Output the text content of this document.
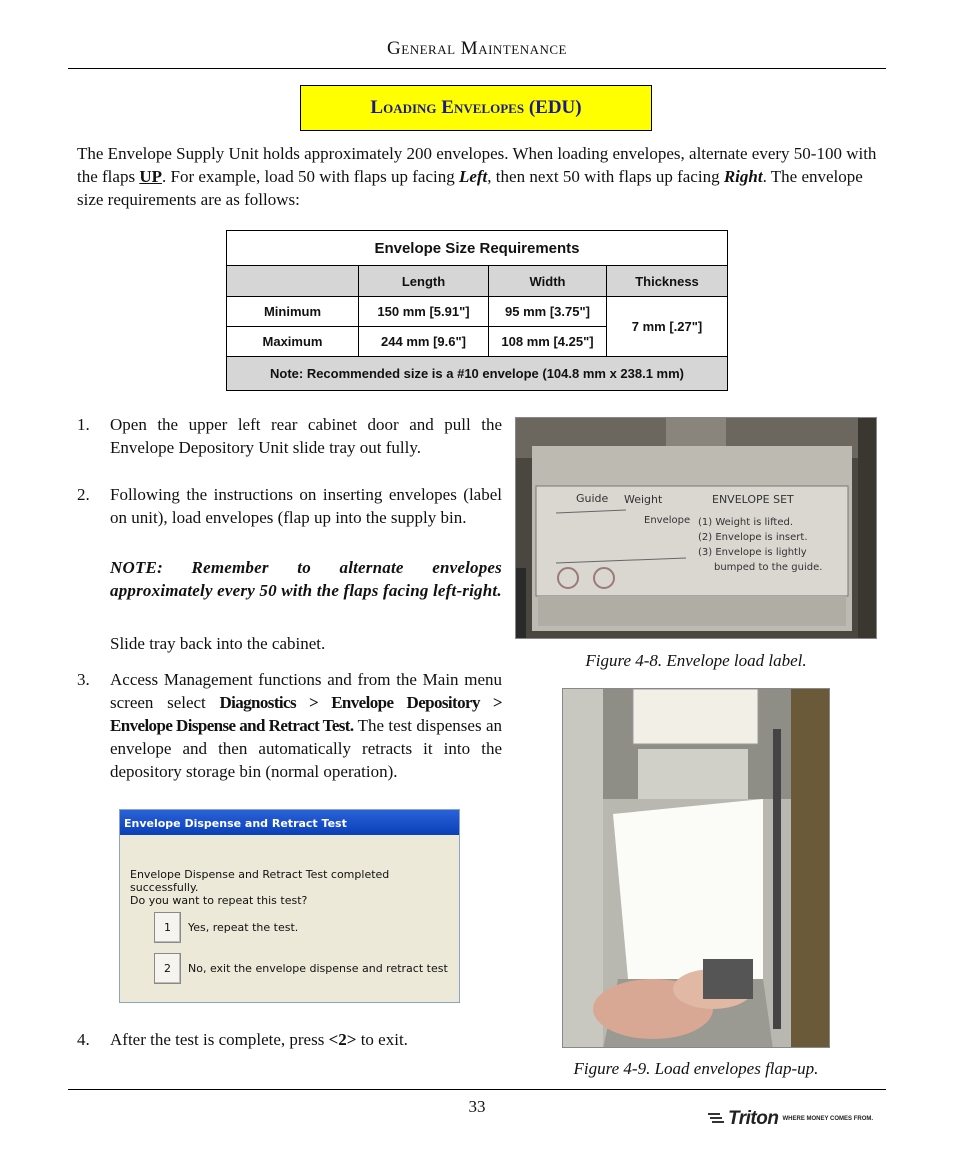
General Maintenance
L oading
E nvelopes
(EDU)
The Envelope Supply Unit holds approximately 200 envelopes. When loading envelopes, alternate every 50-100 with the flaps UP. For example, load 50 with flaps up facing Left, then next 50 with flaps up facing Right. The envelope size requirements are as follows:
Envelope Size Requirements			
	Length	Width	Thickness
Minimum	150 mm [5.91"]	95 mm [3.75"]	7 mm [.27"]
Maximum	244 mm [9.6"]	108 mm [4.25"]	
Note: Recommended size is a #10 envelope (104.8 mm x 238.1 mm)			
1. Open the upper left rear cabinet door and pull the Envelope Depository Unit slide tray out fully.
2. Following the instructions on inserting envelopes (label on unit), load envelopes (flap up into the supply bin.
NOTE: Remember to alternate envelopes approximately every 50 with the flaps facing left-right.
Slide tray back into the cabinet.
3. Access Management functions and from the Main menu screen select Diagnostics > Envelope Depository > Envelope Dispense and Retract Test. The test dispenses an envelope and then automatically retracts it into the depository storage bin (normal operation).
Envelope Dispense and Retract Test
Envelope Dispense and Retract Test completed successfully.
Do you want to repeat this test?
1	Yes, repeat the test.
2	No, exit the envelope dispense and retract test
4. After the test is complete, press <2> to exit.
Guide Weight	ENVELOPE SET
Envelope (1) Weight is lifted.
(2) Envelope is insert.
(3) Envelope is lightly
bumped to the guide.
Figure 4-8. Envelope load label.
Figure 4-9. Load envelopes flap-up.
33
Triton WHERE MONEY COMES FROM.
